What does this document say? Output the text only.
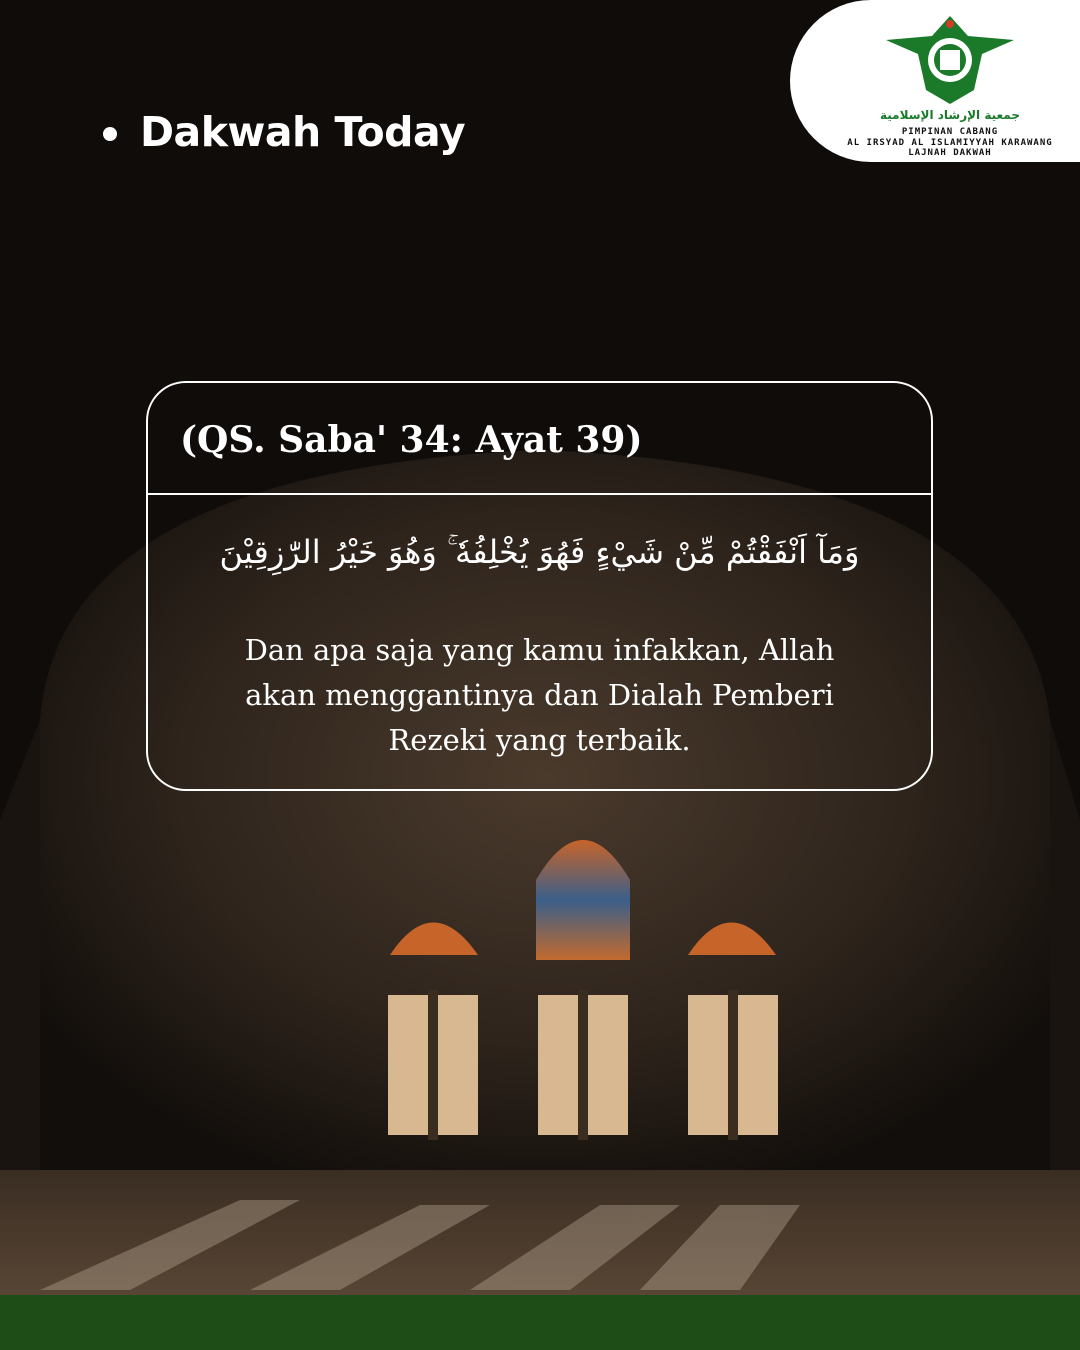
Dakwah Today	جمعية الإرشاد الإسلامية
PIMPINAN CABANG
AL IRSYAD AL ISLAMIYYAH KARAWANG
LAJNAH DAKWAH
(QS. Saba' 34: Ayat 39)
وَمَآ اَنْفَقْتُمْ مِّنْ شَيْءٍ فَهُوَ يُخْلِفُهٗ ۚ وَهُوَ خَيْرُ الرّٰزِقِيْنَ
Dan apa saja yang kamu infakkan, Allah akan menggantinya dan Dialah Pemberi Rezeki yang terbaik.
